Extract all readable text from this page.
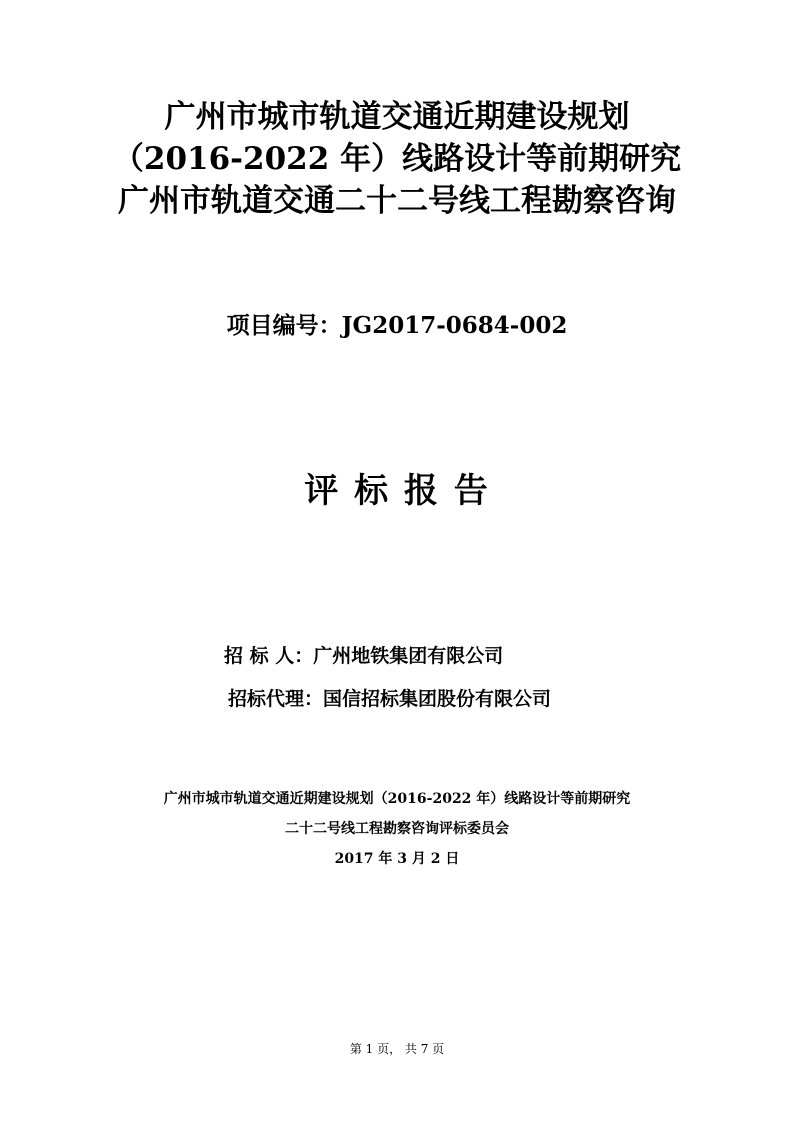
广州市城市轨道交通近期建设规划
（2016-2022 年）线路设计等前期研究
广州市轨道交通二十二号线工程勘察咨询
项目编号：JG2017-0684-002
评 标 报 告
招 标 人：广州地铁集团有限公司
招标代理：国信招标集团股份有限公司
广州市城市轨道交通近期建设规划（2016-2022 年）线路设计等前期研究
二十二号线工程勘察咨询评标委员会
2017 年 3 月 2 日
第 1 页， 共 7 页
